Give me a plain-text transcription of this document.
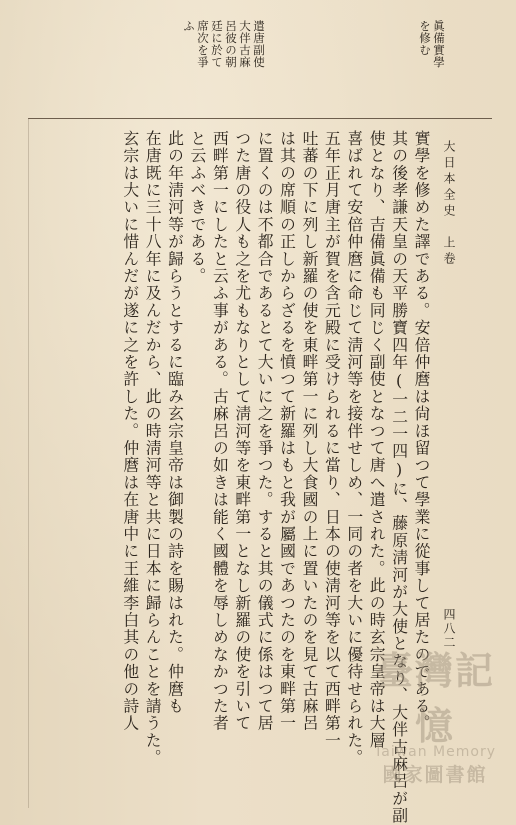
眞備實學
を修む
遣唐副使
大伴古麻
呂彼の朝
廷に於て
席次を爭
ふ
大日本全史　上卷
四八二
實學を修めた譯である。安倍仲麿は尙ほ留つて學業に從事して居たのである。
其の後孝謙天皇の天平勝寶四年(一二一四)に、藤原淸河が大使となり、大伴古麻呂が副
使となり、吉備眞備も同じく副使となつて唐へ遣された。此の時玄宗皇帝は大層
喜ばれて安倍仲麿に命じて淸河等を接伴せしめ、一同の者を大いに優待せられた。
五年正月唐主が賀を含元殿に受けられるに當り、日本の使淸河等を以て西畔第一
吐蕃の下に列し新羅の使を東畔第一に列し大食國の上に置いたのを見て古麻呂
は其の席順の正しからざるを憤つて新羅はもと我が屬國であつたのを東畔第一
に置くのは不都合であるとて大いに之を爭つた。すると其の儀式に係はつて居
つた唐の役人も之を尤もなりとして淸河等を東畔第一となし新羅の使を引いて
西畔第一にしたと云ふ事がある。古麻呂の如きは能く國體を辱しめなかつた者
と云ふべきである。
此の年淸河等が歸らうとするに臨み玄宗皇帝は御製の詩を賜はれた。仲麿も
在唐既に三十八年に及んだから、此の時淸河等と共に日本に歸らんことを請うた。
玄宗は大いに惜んだが遂に之を許した。仲麿は在唐中に王維李白其の他の詩人	臺灣記憶
Taiwan Memory
國家圖書館
